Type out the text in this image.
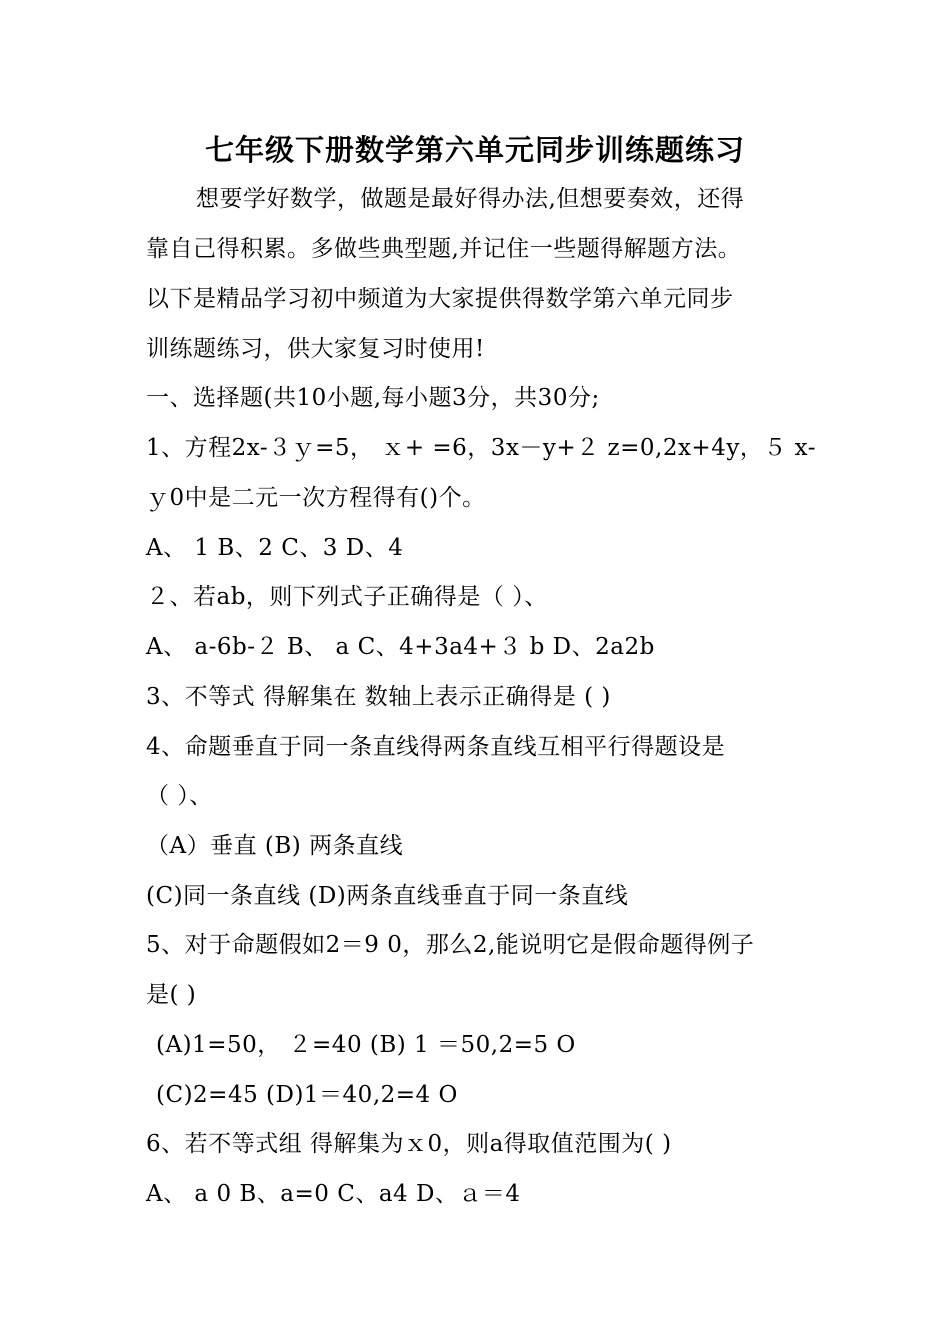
七年级下册数学第六单元同步训练题练习
想要学好数学，做题是最好得办法,但想要奏效，还得
靠自己得积累。多做些典型题,并记住一些题得解题方法。
以下是精品学习初中频道为大家提供得数学第六单元同步
训练题练习，供大家复习时使用!
一、选择题(共10小题,每小题3分，共30分;
1、方程2x-３ｙ=5， ｘ+ =6，3x－y+２ z=0,2x+4y，５ x-
ｙ0中是二元一次方程得有()个。
A、 1 B、2 C、3 D、4
２、若ab，则下列式子正确得是（ ）、
A、 a-6b-２ B、 a C、4+3a4+３ b D、2a2b
3、不等式 得解集在 数轴上表示正确得是 ( )
4、命题垂直于同一条直线得两条直线互相平行得题设是
（ ）、
（A）垂直 (B) 两条直线
(C)同一条直线 (D)两条直线垂直于同一条直线
5、对于命题假如2＝9 0，那么2,能说明它是假命题得例子
是( )
(A)1=50， ２=40 (B) 1 ＝50,2=5 O
(C)2=45 (D)1＝40,2=4 O
6、若不等式组 得解集为ｘ0，则a得取值范围为( )
A、 a 0 B、a=0 C、a4 D、ａ＝4
